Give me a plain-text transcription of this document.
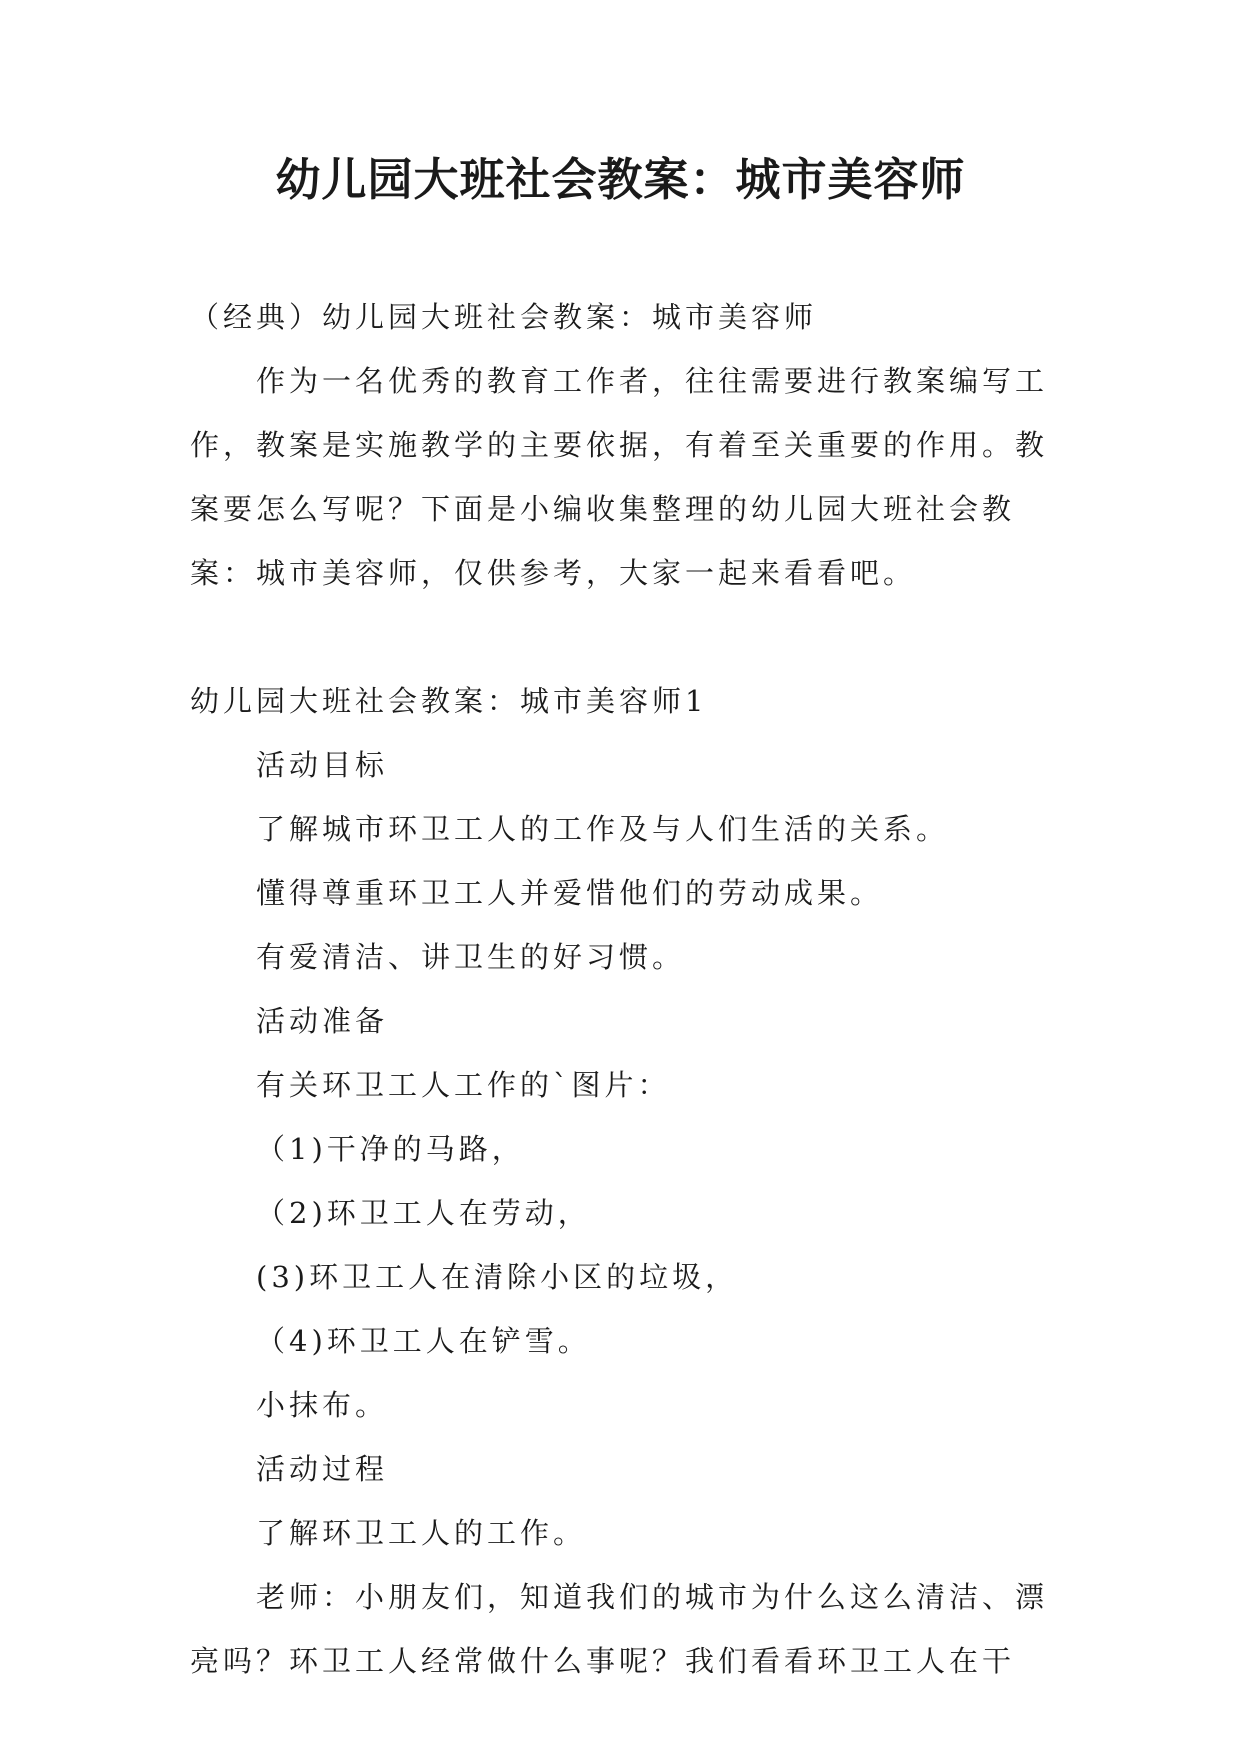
幼儿园大班社会教案：城市美容师

（经典）幼儿园大班社会教案：城市美容师

作为一名优秀的教育工作者，往往需要进行教案编写工作，教案是实施教学的主要依据，有着至关重要的作用。教案要怎么写呢？下面是小编收集整理的幼儿园大班社会教案：城市美容师，仅供参考，大家一起来看看吧。

幼儿园大班社会教案：城市美容师1

活动目标

了解城市环卫工人的工作及与人们生活的关系。

懂得尊重环卫工人并爱惜他们的劳动成果。

有爱清洁、讲卫生的好习惯。

活动准备

有关环卫工人工作的`图片：

（1)干净的马路，

（2)环卫工人在劳动，

(3)环卫工人在清除小区的垃圾，

（4)环卫工人在铲雪。

小抹布。

活动过程

了解环卫工人的工作。

老师：小朋友们，知道我们的城市为什么这么清洁、漂亮吗？环卫工人经常做什么事呢？我们看看环卫工人在干
